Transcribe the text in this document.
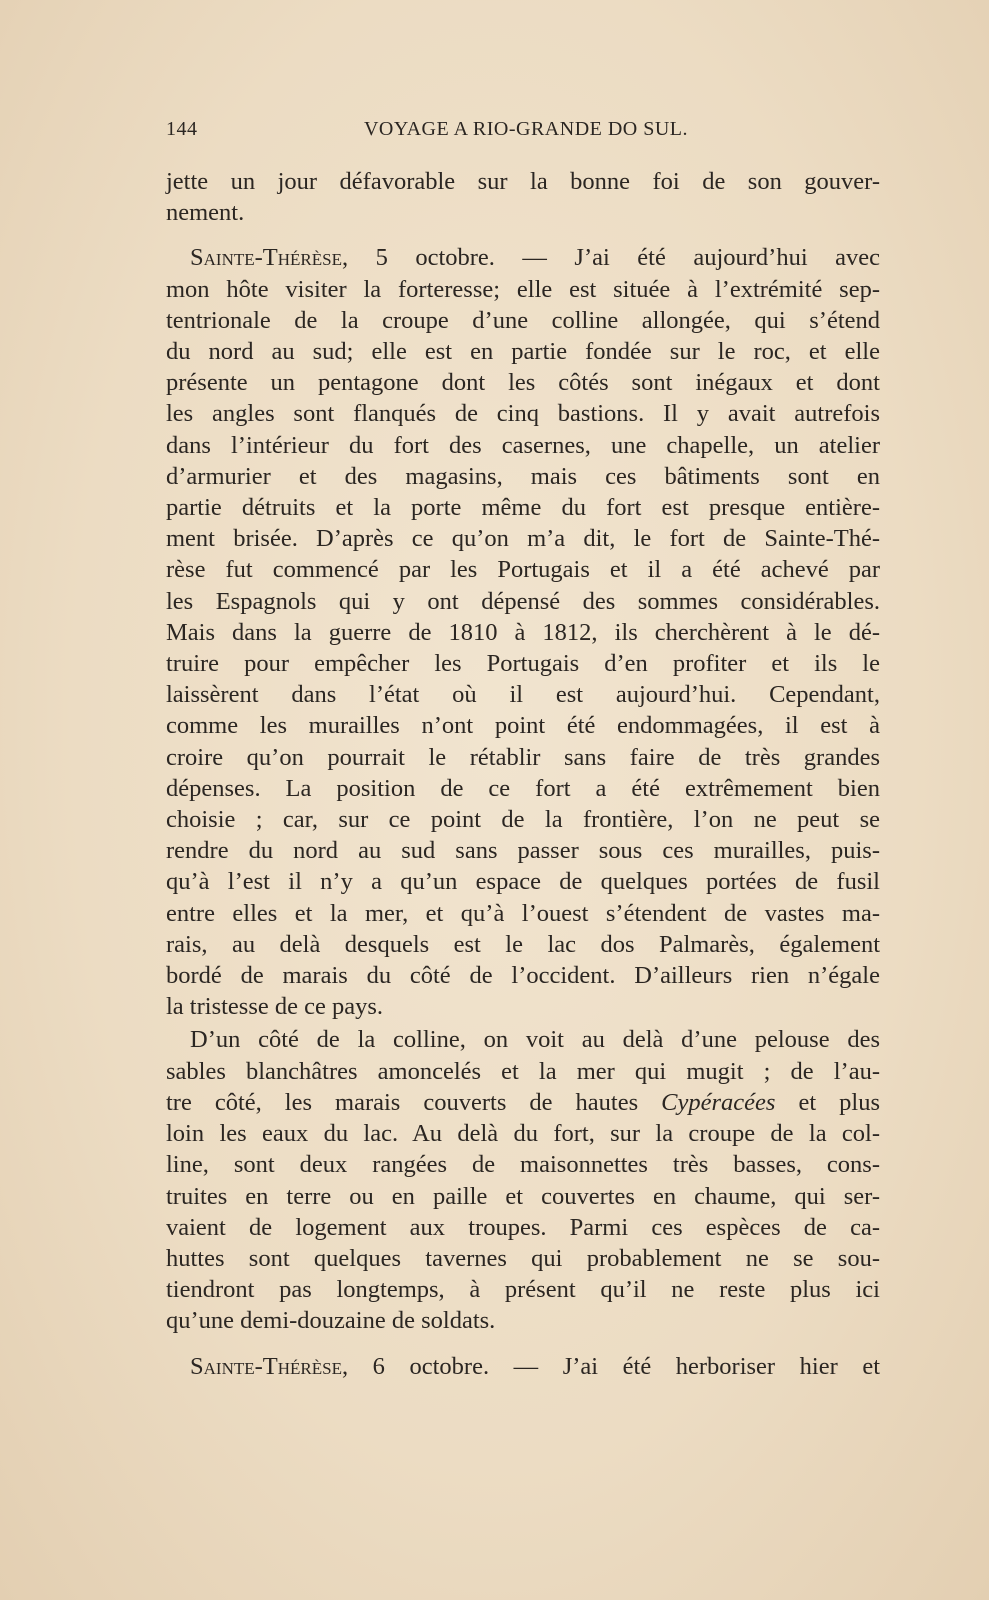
144	VOYAGE A RIO-GRANDE DO SUL.
jette un jour défavorable sur la bonne foi de son gouver-
nement.
Sainte-Thérèse, 5 octobre. — J’ai été aujourd’hui avec
mon hôte visiter la forteresse; elle est située à l’extrémité sep-
tentrionale de la croupe d’une colline allongée, qui s’étend
du nord au sud; elle est en partie fondée sur le roc, et elle
présente un pentagone dont les côtés sont inégaux et dont
les angles sont flanqués de cinq bastions. Il y avait autrefois
dans l’intérieur du fort des casernes, une chapelle, un atelier
d’armurier et des magasins, mais ces bâtiments sont en
partie détruits et la porte même du fort est presque entière-
ment brisée. D’après ce qu’on m’a dit, le fort de Sainte-Thé-
rèse fut commencé par les Portugais et il a été achevé par
les Espagnols qui y ont dépensé des sommes considérables.
Mais dans la guerre de 1810 à 1812, ils cherchèrent à le dé-
truire pour empêcher les Portugais d’en profiter et ils le
laissèrent dans l’état où il est aujourd’hui. Cependant,
comme les murailles n’ont point été endommagées, il est à
croire qu’on pourrait le rétablir sans faire de très grandes
dépenses. La position de ce fort a été extrêmement bien
choisie ; car, sur ce point de la frontière, l’on ne peut se
rendre du nord au sud sans passer sous ces murailles, puis-
qu’à l’est il n’y a qu’un espace de quelques portées de fusil
entre elles et la mer, et qu’à l’ouest s’étendent de vastes ma-
rais, au delà desquels est le lac dos Palmarès, également
bordé de marais du côté de l’occident. D’ailleurs rien n’égale
la tristesse de ce pays.
D’un côté de la colline, on voit au delà d’une pelouse des
sables blanchâtres amoncelés et la mer qui mugit ; de l’au-
tre côté, les marais couverts de hautes Cypéracées et plus
loin les eaux du lac. Au delà du fort, sur la croupe de la col-
line, sont deux rangées de maisonnettes très basses, cons-
truites en terre ou en paille et couvertes en chaume, qui ser-
vaient de logement aux troupes. Parmi ces espèces de ca-
huttes sont quelques tavernes qui probablement ne se sou-
tiendront pas longtemps, à présent qu’il ne reste plus ici
qu’une demi-douzaine de soldats.
Sainte-Thérèse, 6 octobre. — J’ai été herboriser hier et
